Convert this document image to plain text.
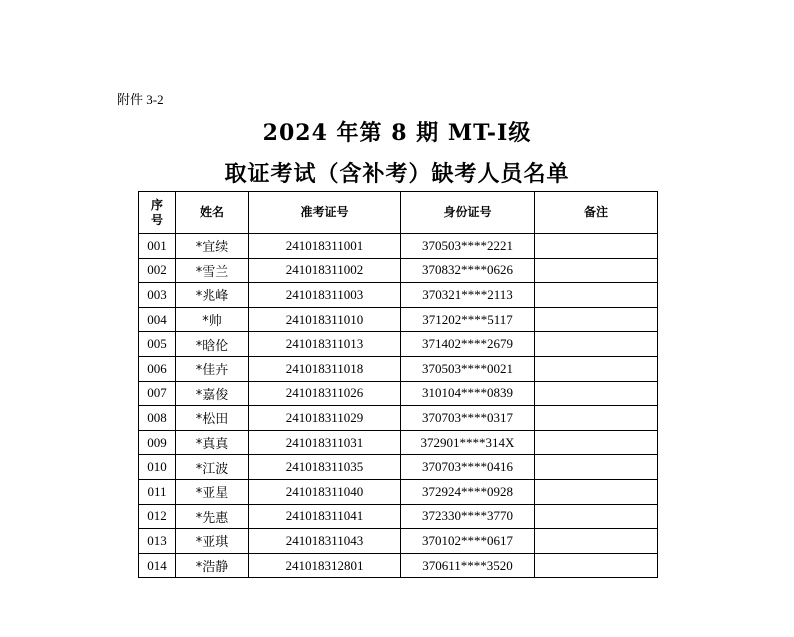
附件 3-2
2024 年第 8 期 MT-Ⅰ级
取证考试（含补考）缺考人员名单
序号	姓名	准考证号	身份证号	备注
001	*宜续	241018311001	370503****2221	
002	*雪兰	241018311002	370832****0626	
003	*兆峰	241018311003	370321****2113	
004	*帅	241018311010	371202****5117	
005	*晗伦	241018311013	371402****2679	
006	*佳卉	241018311018	370503****0021	
007	*嘉俊	241018311026	310104****0839	
008	*松田	241018311029	370703****0317	
009	*真真	241018311031	372901****314X	
010	*江波	241018311035	370703****0416	
011	*亚星	241018311040	372924****0928	
012	*先惠	241018311041	372330****3770	
013	*亚琪	241018311043	370102****0617	
014	*浩静	241018312801	370611****3520	
